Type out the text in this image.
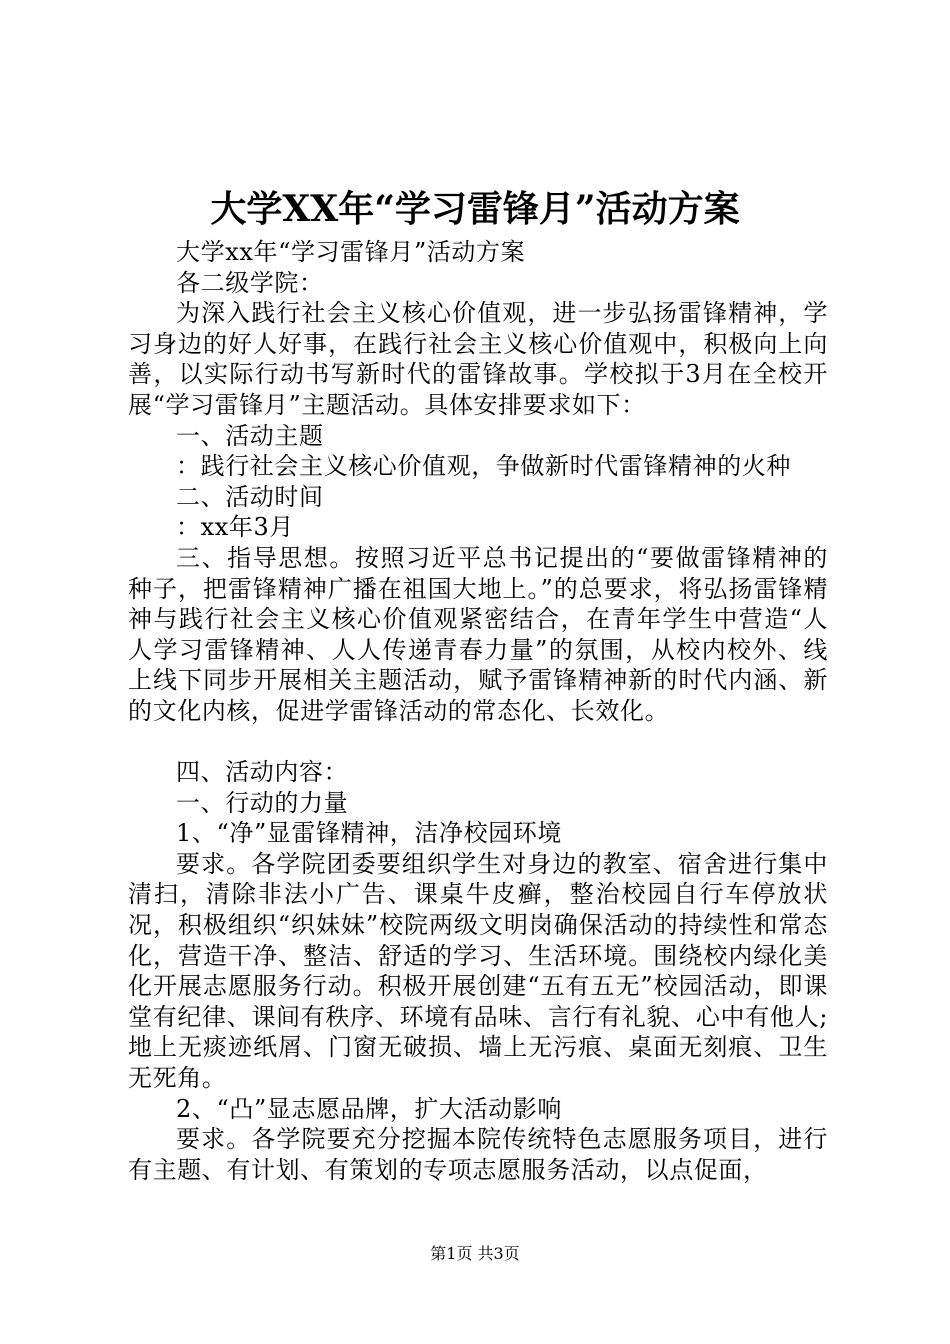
大学XX年“学习雷锋月”活动方案

大学xx年“学习雷锋月”活动方案

各二级学院：

为深入践行社会主义核心价值观，进一步弘扬雷锋精神，学习身边的好人好事，在践行社会主义核心价值观中，积极向上向善，以实际行动书写新时代的雷锋故事。学校拟于3月在全校开展“学习雷锋月”主题活动。具体安排要求如下：

一、活动主题

：践行社会主义核心价值观，争做新时代雷锋精神的火种

二、活动时间

：xx年3月

三、指导思想。按照习近平总书记提出的“要做雷锋精神的种子，把雷锋精神广播在祖国大地上。”的总要求，将弘扬雷锋精神与践行社会主义核心价值观紧密结合，在青年学生中营造“人人学习雷锋精神、人人传递青春力量”的氛围，从校内校外、线上线下同步开展相关主题活动，赋予雷锋精神新的时代内涵、新的文化内核，促进学雷锋活动的常态化、长效化。

四、活动内容：

一、行动的力量

1、“净”显雷锋精神，洁净校园环境

要求。各学院团委要组织学生对身边的教室、宿舍进行集中清扫，清除非法小广告、课桌牛皮癣，整治校园自行车停放状况，积极组织“织妹妹”校院两级文明岗确保活动的持续性和常态化，营造干净、整洁、舒适的学习、生活环境。围绕校内绿化美化开展志愿服务行动。积极开展创建“五有五无”校园活动，即课堂有纪律、课间有秩序、环境有品味、言行有礼貌、心中有他人;地上无痰迹纸屑、门窗无破损、墙上无污痕、桌面无刻痕、卫生无死角。

2、“凸”显志愿品牌，扩大活动影响

要求。各学院要充分挖掘本院传统特色志愿服务项目，进行有主题、有计划、有策划的专项志愿服务活动，以点促面，

第1页 共3页
